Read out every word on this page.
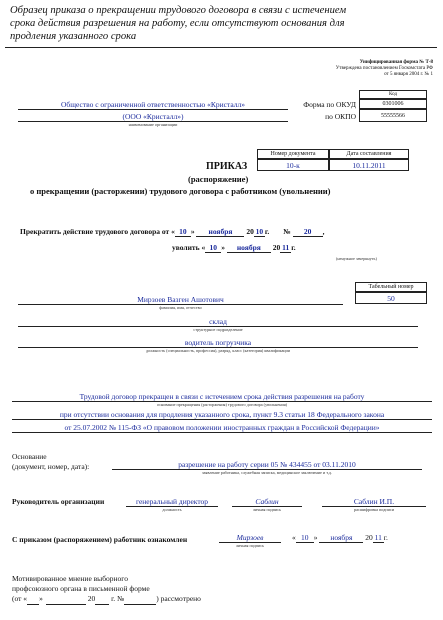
Образец приказа о прекращении трудового договора в связи с истечением
срока действия разрешения на работу, если отсутствуют основания для
продления указанного срока
Унифицированная форма № Т-8
Утверждена постановлением Госкомстата РФ
от 5 января 2004 г. № 1
Код
0301006
55555566
Форма по ОКУД
по ОКПО
Общество с ограниченной ответственностью «Кристалл»
(ООО «Кристалл»)
наименование организации
Номер документа	Дата составления
10-к	10.11.2011
ПРИКАЗ
(распоряжение)
о прекращении (расторжении) трудового договора с работником (увольнении)
Прекратить действие трудового договора от « 10 » ноября 20 10 г. № 20 ,
уволить « 10 » ноября 20 11 г.
(ненужное зачеркнуть)
Табельный номер
50
Мирзоев Вазген Ашотович
фамилия, имя, отчество
склад
структурное подразделение
водитель погрузчика
должность (специальность, профессия), разряд, класс (категория) квалификации
Трудовой договор прекращен в связи с истечением срока действия разрешения на работу
основание прекращения (расторжения) трудового договора (увольнения)
при отсутствии основания для продления указанного срока, пункт 9.3 статьи 18 Федерального закона
от 25.07.2002 № 115-ФЗ «О правовом положении иностранных граждан в Российской Федерации»
Основание
(документ, номер, дата):	разрешение на работу серии 05 № 434455 от 03.11.2010
заявление работника, служебная записка, медицинское заключение и т.д.
Руководитель организации	генеральный директор
должность
Саблин
личная подпись
Саблин И.П.
расшифровка подписи
С приказом (распоряжением) работник ознакомлен	Мирзоев
личная подпись
« 10 » ноября 20 11 г.
Мотивированное мнение выборного
профсоюзного органа в письменной форме
(от « »	20 г. №	) рассмотрено
